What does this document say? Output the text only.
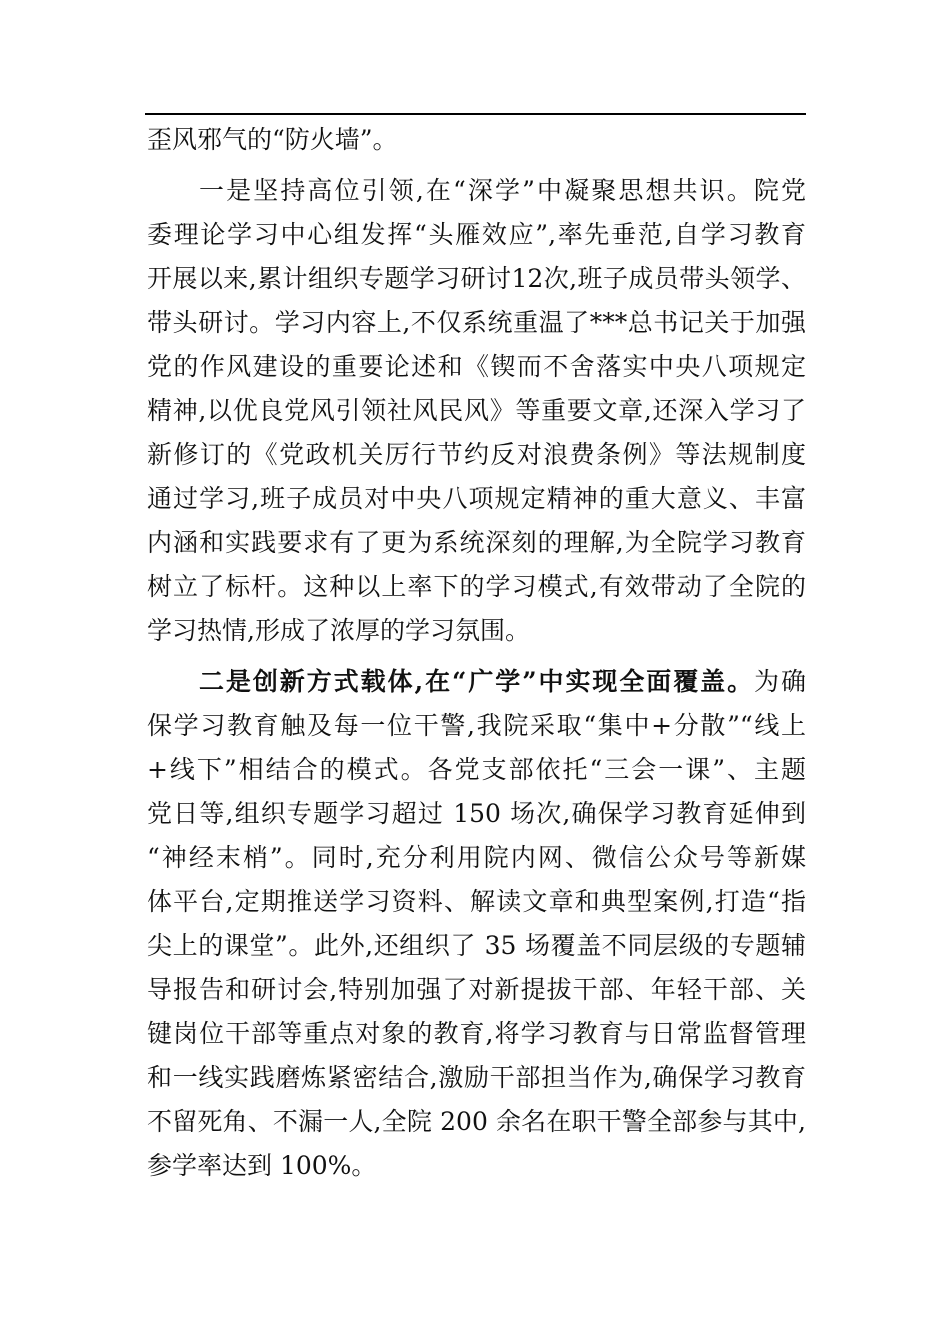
歪风邪气的“防火墙”。
一是坚持高位引领,在“深学”中凝聚思想共识。院党
委理论学习中心组发挥“头雁效应”,率先垂范,自学习教育
开展以来,累计组织专题学习研讨12次,班子成员带头领学、
带头研讨。学习内容上,不仅系统重温了***总书记关于加强
党的作风建设的重要论述和《锲而不舍落实中央八项规定
精神,以优良党风引领社风民风》等重要文章,还深入学习了
新修订的《党政机关厉行节约反对浪费条例》等法规制度
通过学习,班子成员对中央八项规定精神的重大意义、丰富
内涵和实践要求有了更为系统深刻的理解,为全院学习教育
树立了标杆。这种以上率下的学习模式,有效带动了全院的
学习热情,形成了浓厚的学习氛围。
二是创新方式载体,在“广学”中实现全面覆盖。为确
保学习教育触及每一位干警,我院采取“集中+分散”“线上
+线下”相结合的模式。各党支部依托“三会一课”、主题
党日等,组织专题学习超过 150 场次,确保学习教育延伸到
“神经末梢”。同时,充分利用院内网、微信公众号等新媒
体平台,定期推送学习资料、解读文章和典型案例,打造“指
尖上的课堂”。此外,还组织了 35 场覆盖不同层级的专题辅
导报告和研讨会,特别加强了对新提拔干部、年轻干部、关
键岗位干部等重点对象的教育,将学习教育与日常监督管理
和一线实践磨炼紧密结合,激励干部担当作为,确保学习教育
不留死角、不漏一人,全院 200 余名在职干警全部参与其中,
参学率达到 100%。
